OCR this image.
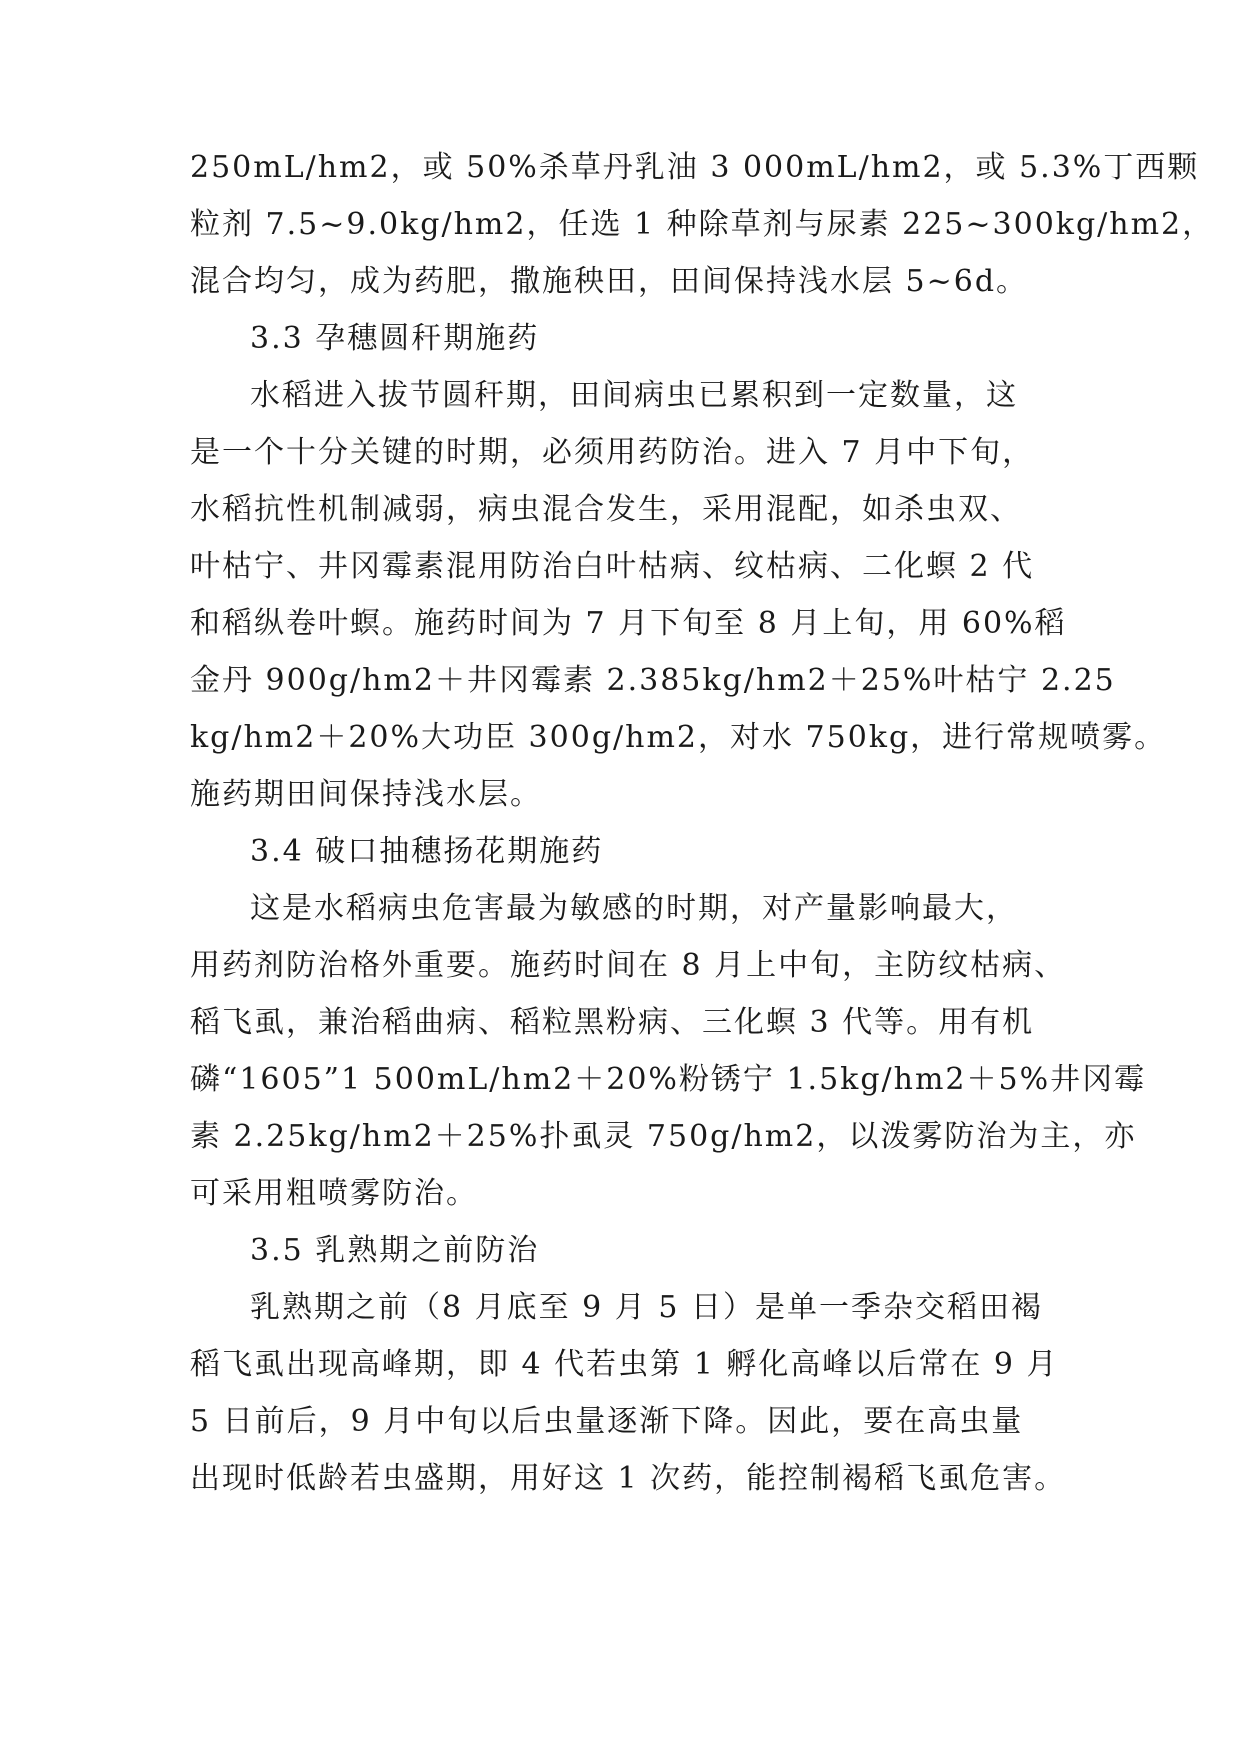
250mL/hm2，或 50%杀草丹乳油 3 000mL/hm2，或 5.3%丁西颗
粒剂 7.5~9.0kg/hm2，任选 1 种除草剂与尿素 225~300kg/hm2，
混合均匀，成为药肥，撒施秧田，田间保持浅水层 5~6d。
3.3 孕穗圆秆期施药
水稻进入拔节圆秆期，田间病虫已累积到一定数量，这
是一个十分关键的时期，必须用药防治。进入 7 月中下旬，
水稻抗性机制减弱，病虫混合发生，采用混配，如杀虫双、
叶枯宁、井冈霉素混用防治白叶枯病、纹枯病、二化螟 2 代
和稻纵卷叶螟。施药时间为 7 月下旬至 8 月上旬，用 60%稻
金丹 900g/hm2＋井冈霉素 2.385kg/hm2＋25%叶枯宁 2.25
kg/hm2＋20%大功臣 300g/hm2，对水 750kg，进行常规喷雾。
施药期田间保持浅水层。
3.4 破口抽穗扬花期施药
这是水稻病虫危害最为敏感的时期，对产量影响最大，
用药剂防治格外重要。施药时间在 8 月上中旬，主防纹枯病、
稻飞虱，兼治稻曲病、稻粒黑粉病、三化螟 3 代等。用有机
磷“1605”1 500mL/hm2＋20%粉锈宁 1.5kg/hm2＋5%井冈霉
素 2.25kg/hm2＋25%扑虱灵 750g/hm2，以泼雾防治为主，亦
可采用粗喷雾防治。
3.5 乳熟期之前防治
乳熟期之前（8 月底至 9 月 5 日）是单一季杂交稻田褐
稻飞虱出现高峰期，即 4 代若虫第 1 孵化高峰以后常在 9 月
5 日前后，9 月中旬以后虫量逐渐下降。因此，要在高虫量
出现时低龄若虫盛期，用好这 1 次药，能控制褐稻飞虱危害。
